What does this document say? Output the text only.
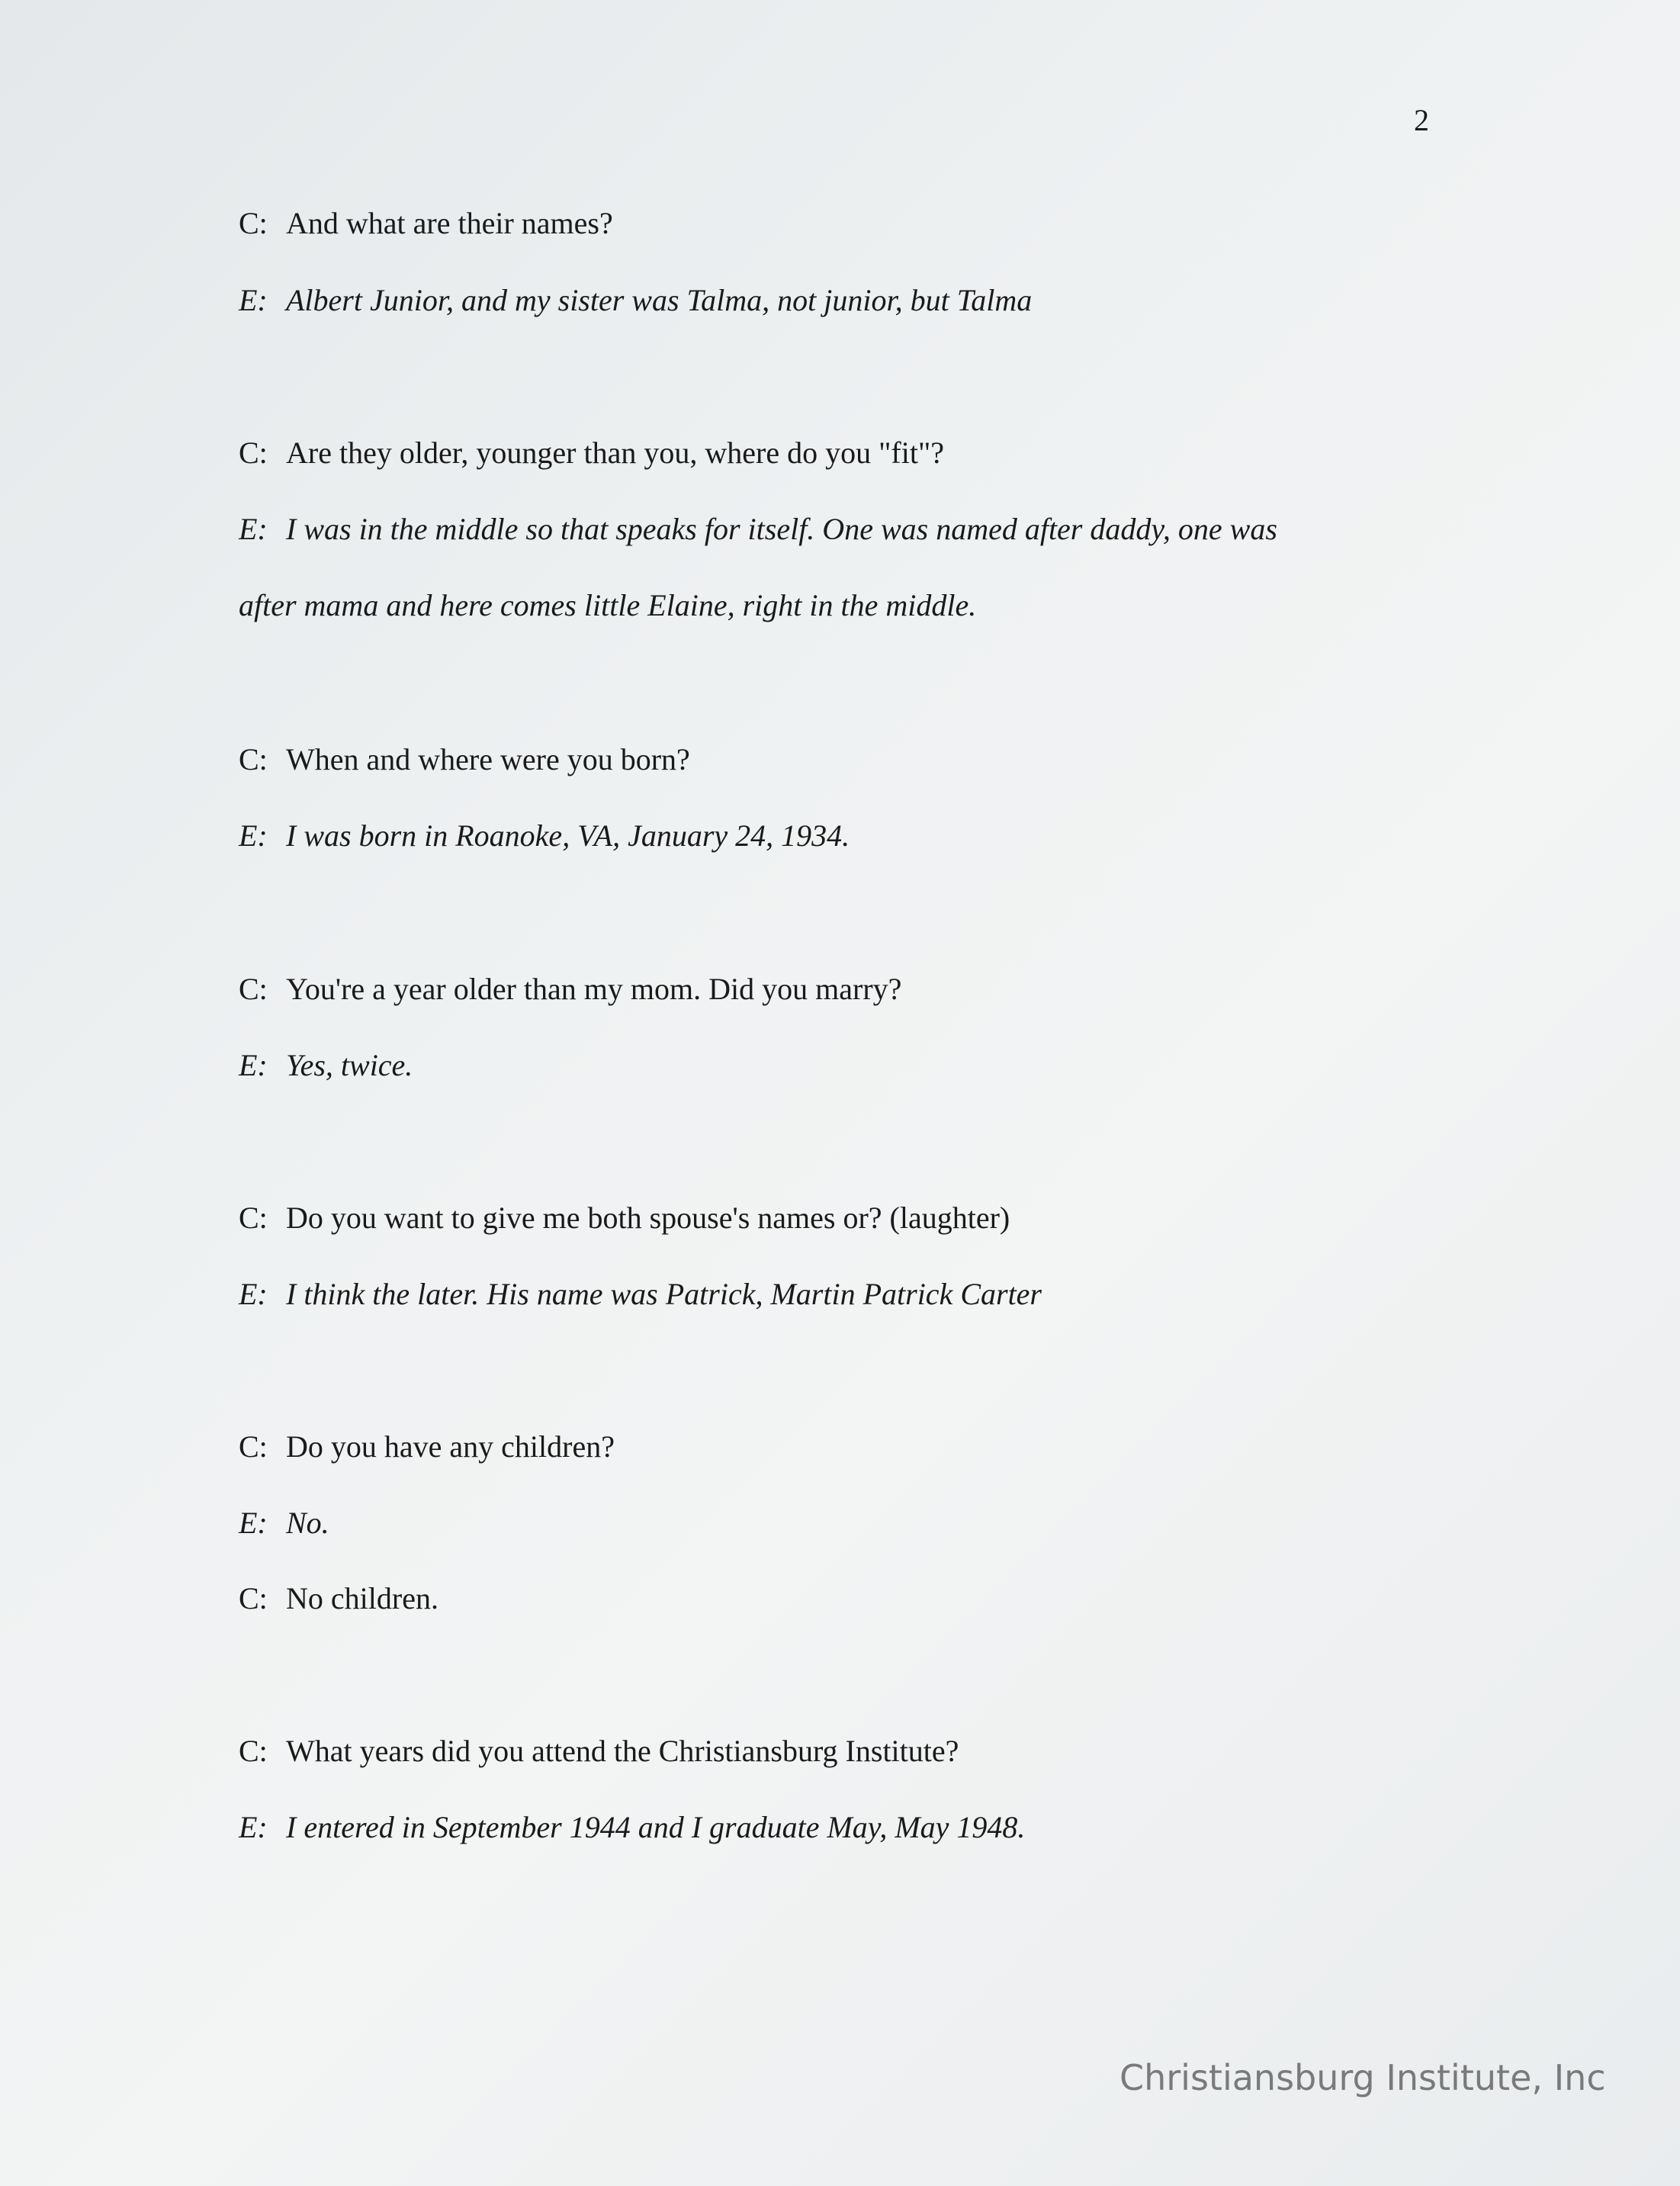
2
C: And what are their names?
E: Albert Junior, and my sister was Talma, not junior, but Talma
C: Are they older, younger than you, where do you "fit"?
E: I was in the middle so that speaks for itself. One was named after daddy, one was
after mama and here comes little Elaine, right in the middle.
C: When and where were you born?
E: I was born in Roanoke, VA, January 24, 1934.
C: You're a year older than my mom. Did you marry?
E: Yes, twice.
C: Do you want to give me both spouse's names or? (laughter)
E: I think the later. His name was Patrick, Martin Patrick Carter
C: Do you have any children?
E: No.
C: No children.
C: What years did you attend the Christiansburg Institute?
E: I entered in September 1944 and I graduate May, May 1948.
Christiansburg Institute, Inc
